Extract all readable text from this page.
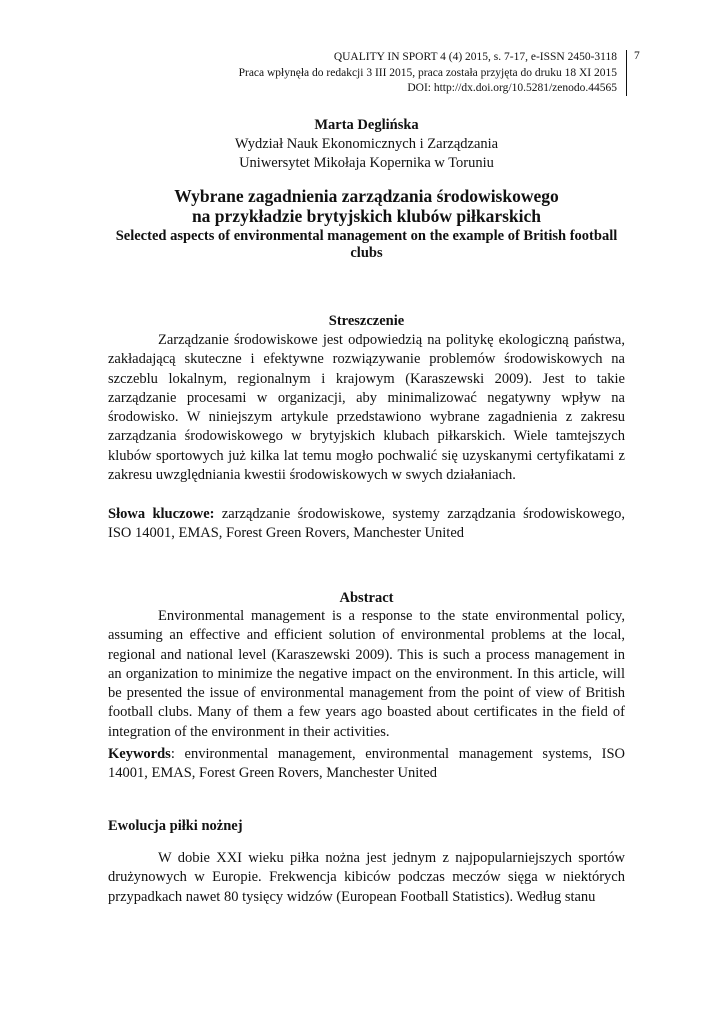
QUALITY IN SPORT 4 (4) 2015, s. 7-17, e-ISSN 2450-3118
Praca wpłynęła do redakcji 3 III 2015, praca została przyjęta do druku 18 XI 2015
DOI: http://dx.doi.org/10.5281/zenodo.44565
7
Marta Deglińska
Wydział Nauk Ekonomicznych i Zarządzania
Uniwersytet Mikołaja Kopernika w Toruniu
Wybrane zagadnienia zarządzania środowiskowego
na przykładzie brytyjskich klubów piłkarskich
Selected aspects of environmental management on the example of British football clubs
Streszczenie

Zarządzanie środowiskowe jest odpowiedzią na politykę ekologiczną państwa, zakładającą skuteczne i efektywne rozwiązywanie problemów środowiskowych na szczeblu lokalnym, regionalnym i krajowym (Karaszewski 2009). Jest to takie zarządzanie procesami w organizacji, aby minimalizować negatywny wpływ na środowisko. W niniejszym artykule przedstawiono wybrane zagadnienia z zakresu zarządzania środowiskowego w brytyjskich klubach piłkarskich. Wiele tamtejszych klubów sportowych już kilka lat temu mogło pochwalić się uzyskanymi certyfikatami z zakresu uwzględniania kwestii środowiskowych w swych działaniach.

Słowa kluczowe: zarządzanie środowiskowe, systemy zarządzania środowiskowego, ISO 14001, EMAS, Forest Green Rovers, Manchester United

Abstract

Environmental management is a response to the state environmental policy, assuming an effective and efficient solution of environmental problems at the local, regional and national level (Karaszewski 2009). This is such a process management in an organization to minimize the negative impact on the environment. In this article, will be presented the issue of environmental management from the point of view of British football clubs. Many of them a few years ago boasted about certificates in the field of integration of the environment in their activities.

Keywords: environmental management, environmental management systems, ISO 14001, EMAS, Forest Green Rovers, Manchester United

Ewolucja piłki nożnej

W dobie XXI wieku piłka nożna jest jednym z najpopularniejszych sportów drużynowych w Europie. Frekwencja kibiców podczas meczów sięga w niektórych przypadkach nawet 80 tysięcy widzów (European Football Statistics). Według stanu
